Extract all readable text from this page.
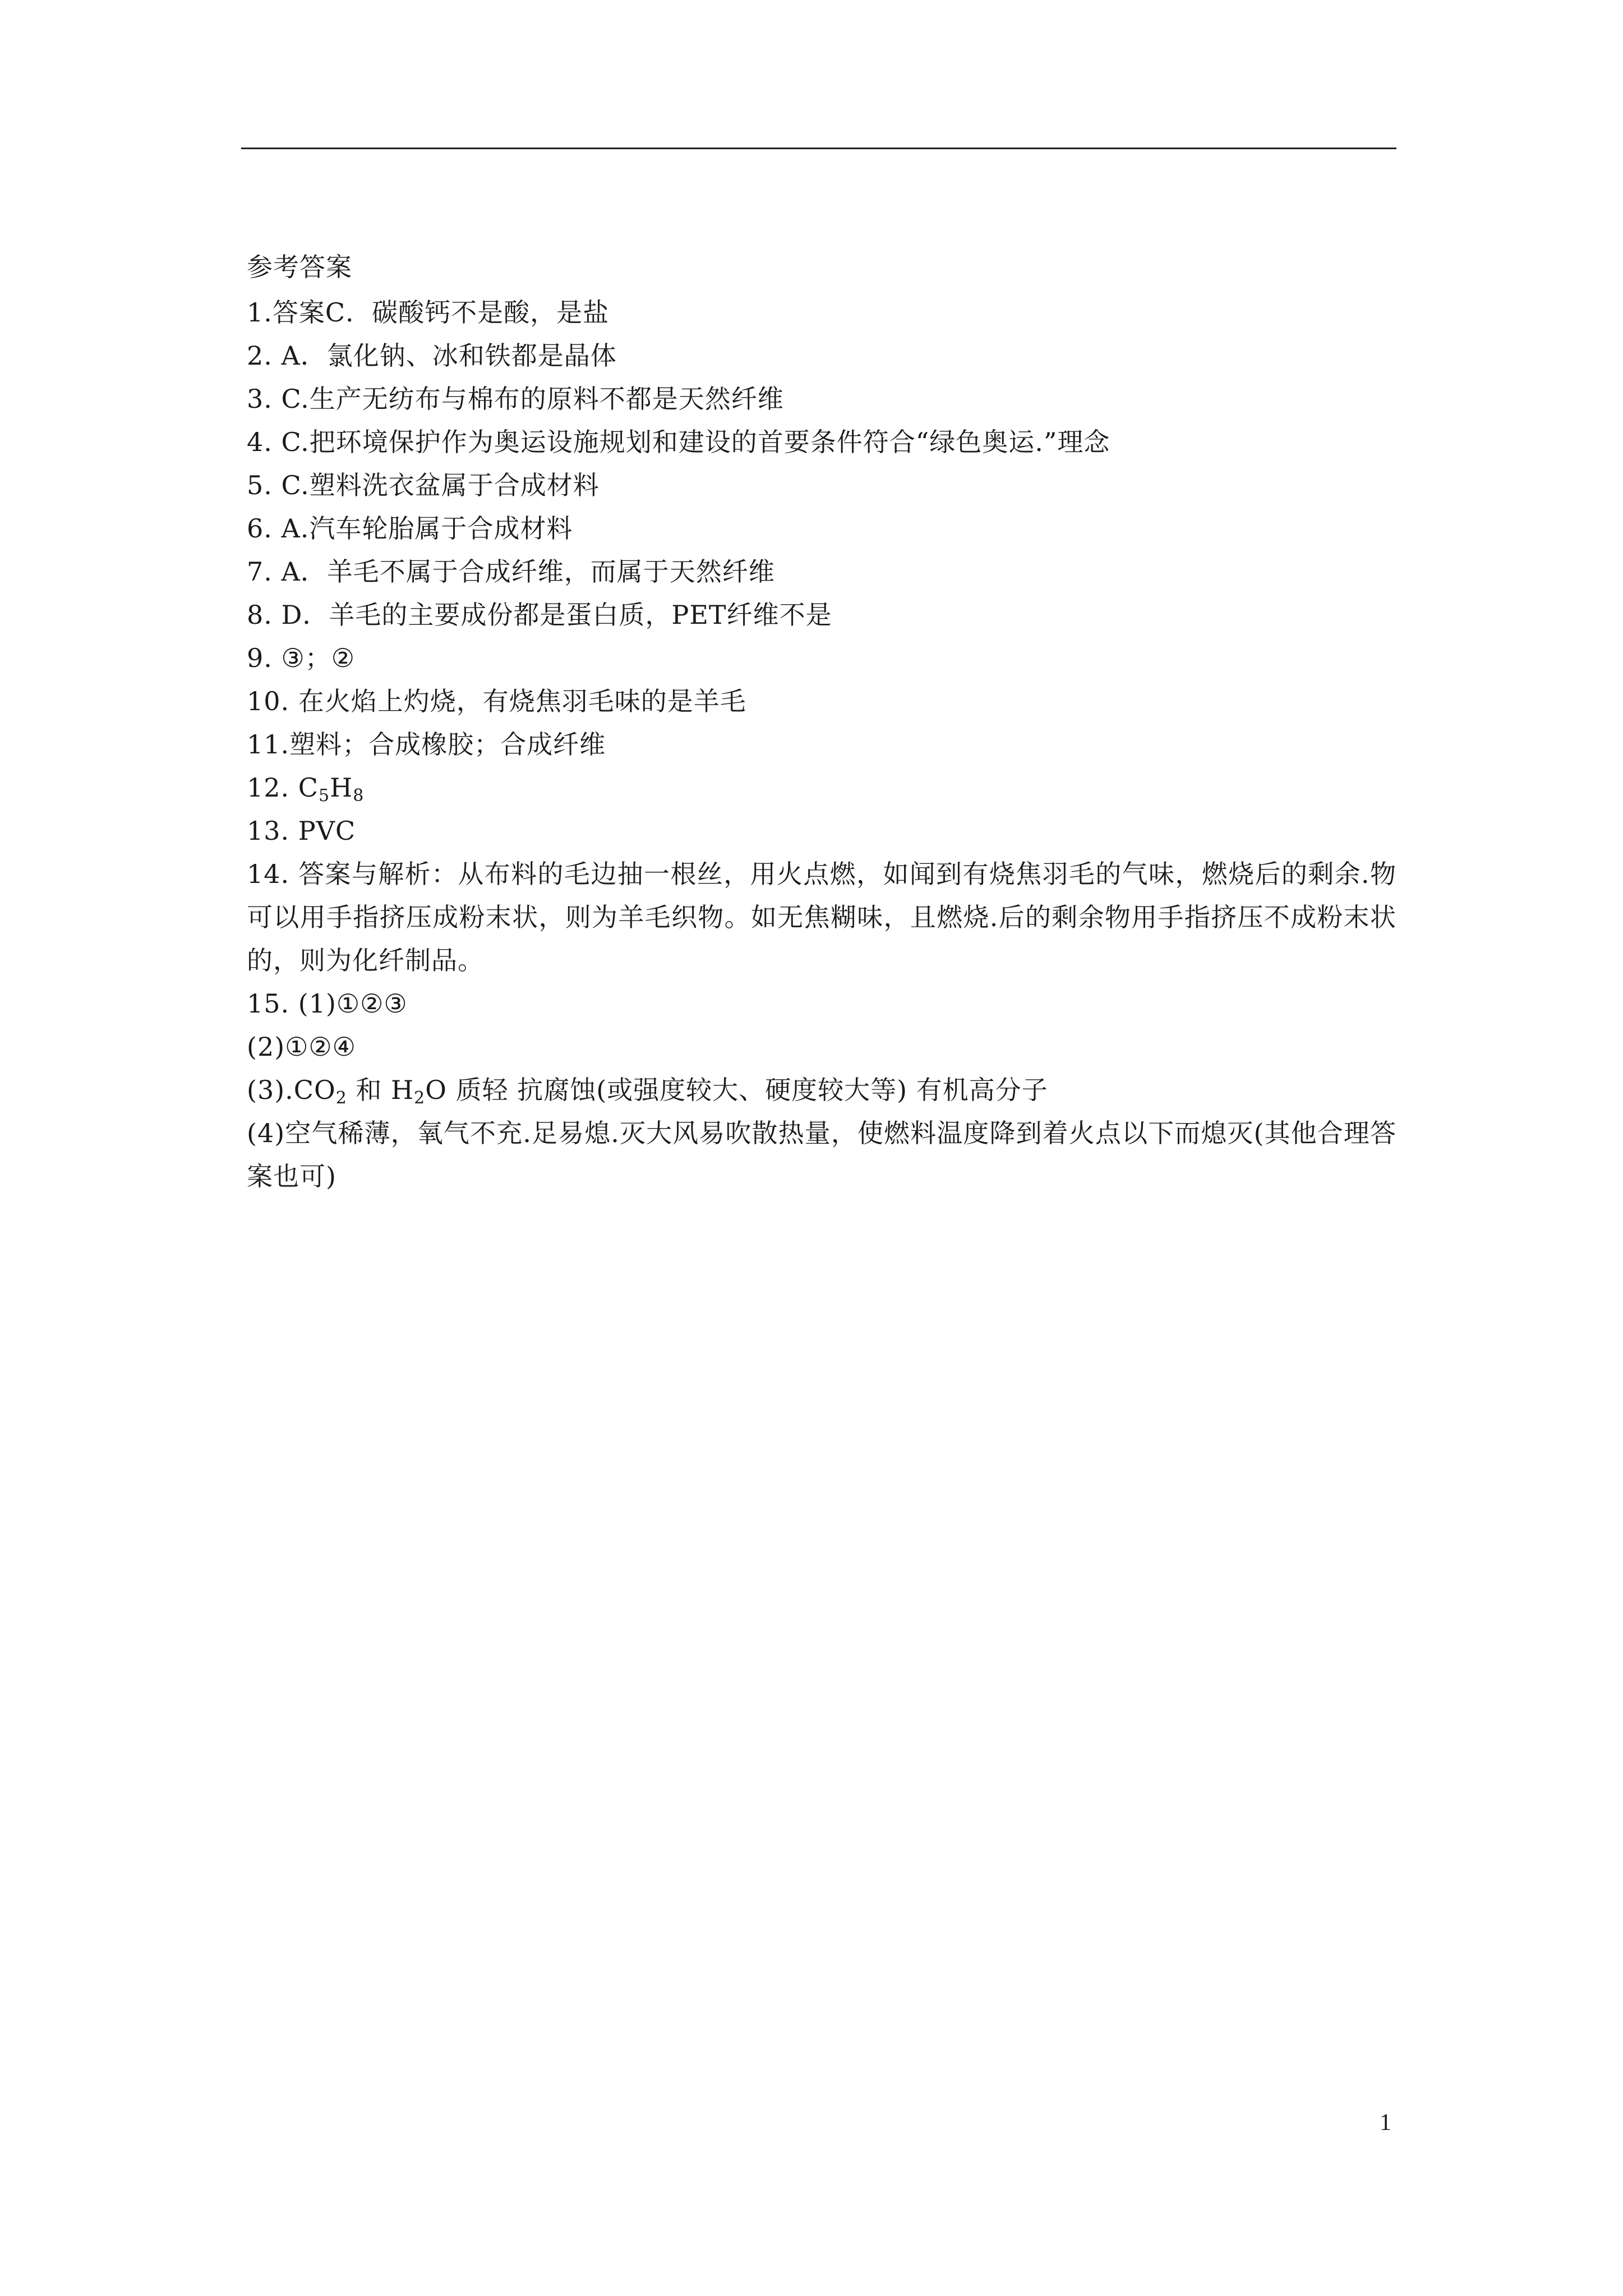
参考答案
1.答案C．碳酸钙不是酸，是盐
2. A．氯化钠、冰和铁都是晶体
3. C.生产无纺布与棉布的原料不都是天然纤维
4. C.把环境保护作为奥运设施规划和建设的首要条件符合“绿色奥运.”理念
5. C.塑料洗衣盆属于合成材料
6. A.汽车轮胎属于合成材料
7. A．羊毛不属于合成纤维，而属于天然纤维
8. D．羊毛的主要成份都是蛋白质，PET纤维不是
9. ③；②
10. 在火焰上灼烧，有烧焦羽毛味的是羊毛
11.塑料；合成橡胶；合成纤维
12. $C_5H_8$
13. PVC
14. 答案与解析：从布料的毛边抽一根丝，用火点燃，如闻到有烧焦羽毛的气味，燃烧后的剩余.物可以用手指挤压成粉末状，则为羊毛织物。如无焦糊味，且燃烧.后的剩余物用手指挤压不成粉末状的，则为化纤制品。
15. (1)①②③
(2)①②④
$(3).CO_2$ 和 $H_2O$ 质轻 抗腐蚀(或强度较大、硬度较大等) 有机高分子
(4)空气稀薄，氧气不充.足易熄.灭大风易吹散热量，使燃料温度降到着火点以下而熄灭(其他合理答案也可)
1
